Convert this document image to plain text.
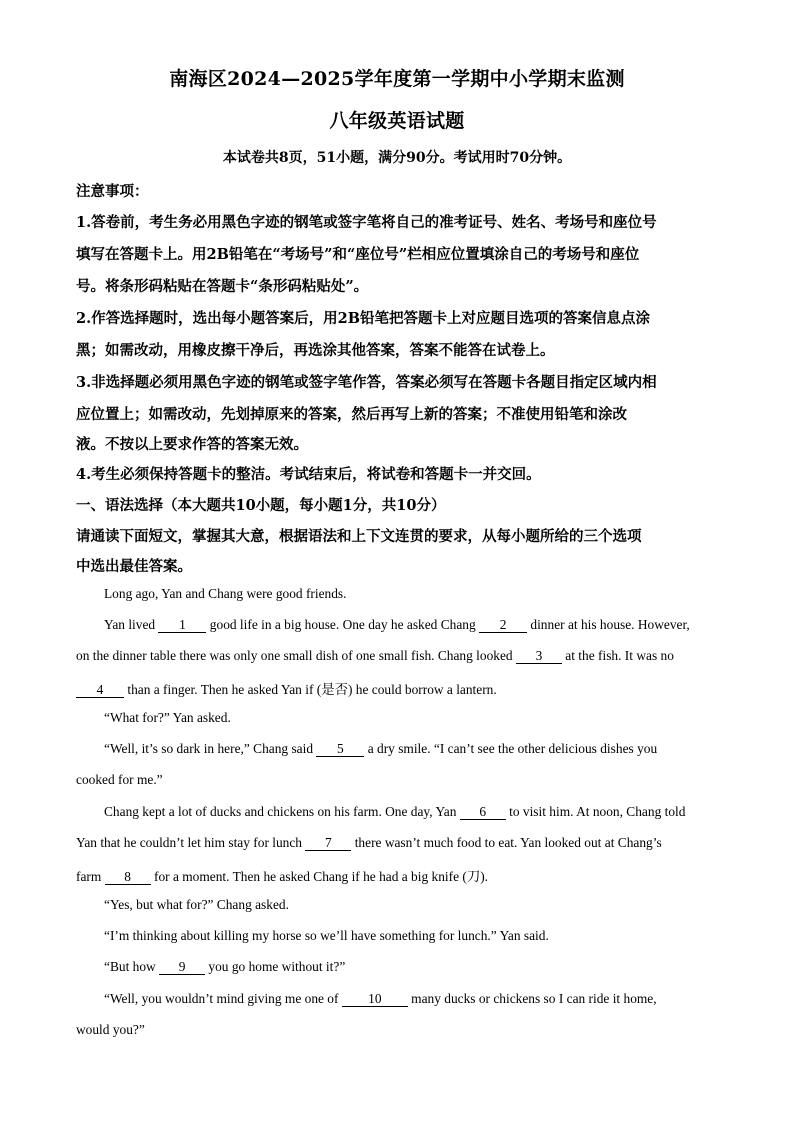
南海区2024—2025学年度第一学期中小学期末监测
八年级英语试题
本试卷共8页，51小题，满分90分。考试用时70分钟。
注意事项：
1.答卷前，考生务必用黑色字迹的钢笔或签字笔将自己的准考证号、姓名、考场号和座位号
填写在答题卡上。用2B铅笔在“考场号”和“座位号”栏相应位置填涂自己的考场号和座位
号。将条形码粘贴在答题卡“条形码粘贴处”。
2.作答选择题时，选出每小题答案后，用2B铅笔把答题卡上对应题目选项的答案信息点涂
黑；如需改动，用橡皮擦干净后，再选涂其他答案，答案不能答在试卷上。
3.非选择题必须用黑色字迹的钢笔或签字笔作答，答案必须写在答题卡各题目指定区域内相
应位置上；如需改动，先划掉原来的答案，然后再写上新的答案；不准使用铅笔和涂改
液。不按以上要求作答的答案无效。
4.考生必须保持答题卡的整洁。考试结束后，将试卷和答题卡一并交回。
一、语法选择（本大题共10小题，每小题1分，共10分）
请通读下面短文，掌握其大意，根据语法和上下文连贯的要求，从每小题所给的三个选项
中选出最佳答案。
Long ago, Yan and Chang were good friends.
Yan lived 1 good life in a big house. One day he asked Chang 2 dinner at his house. However,
on the dinner table there was only one small dish of one small fish. Chang looked 3 at the fish. It was no
4 than a finger. Then he asked Yan if (是否) he could borrow a lantern.
“What for?” Yan asked.
“Well, it’s so dark in here,” Chang said 5 a dry smile. “I can’t see the other delicious dishes you
cooked for me.”
Chang kept a lot of ducks and chickens on his farm. One day, Yan 6 to visit him. At noon, Chang told
Yan that he couldn’t let him stay for lunch 7 there wasn’t much food to eat. Yan looked out at Chang’s
farm 8 for a moment. Then he asked Chang if he had a big knife (刀).
“Yes, but what for?” Chang asked.
“I’m thinking about killing my horse so we’ll have something for lunch.” Yan said.
“But how 9 you go home without it?”
“Well, you wouldn’t mind giving me one of 10 many ducks or chickens so I can ride it home,
would you?”
